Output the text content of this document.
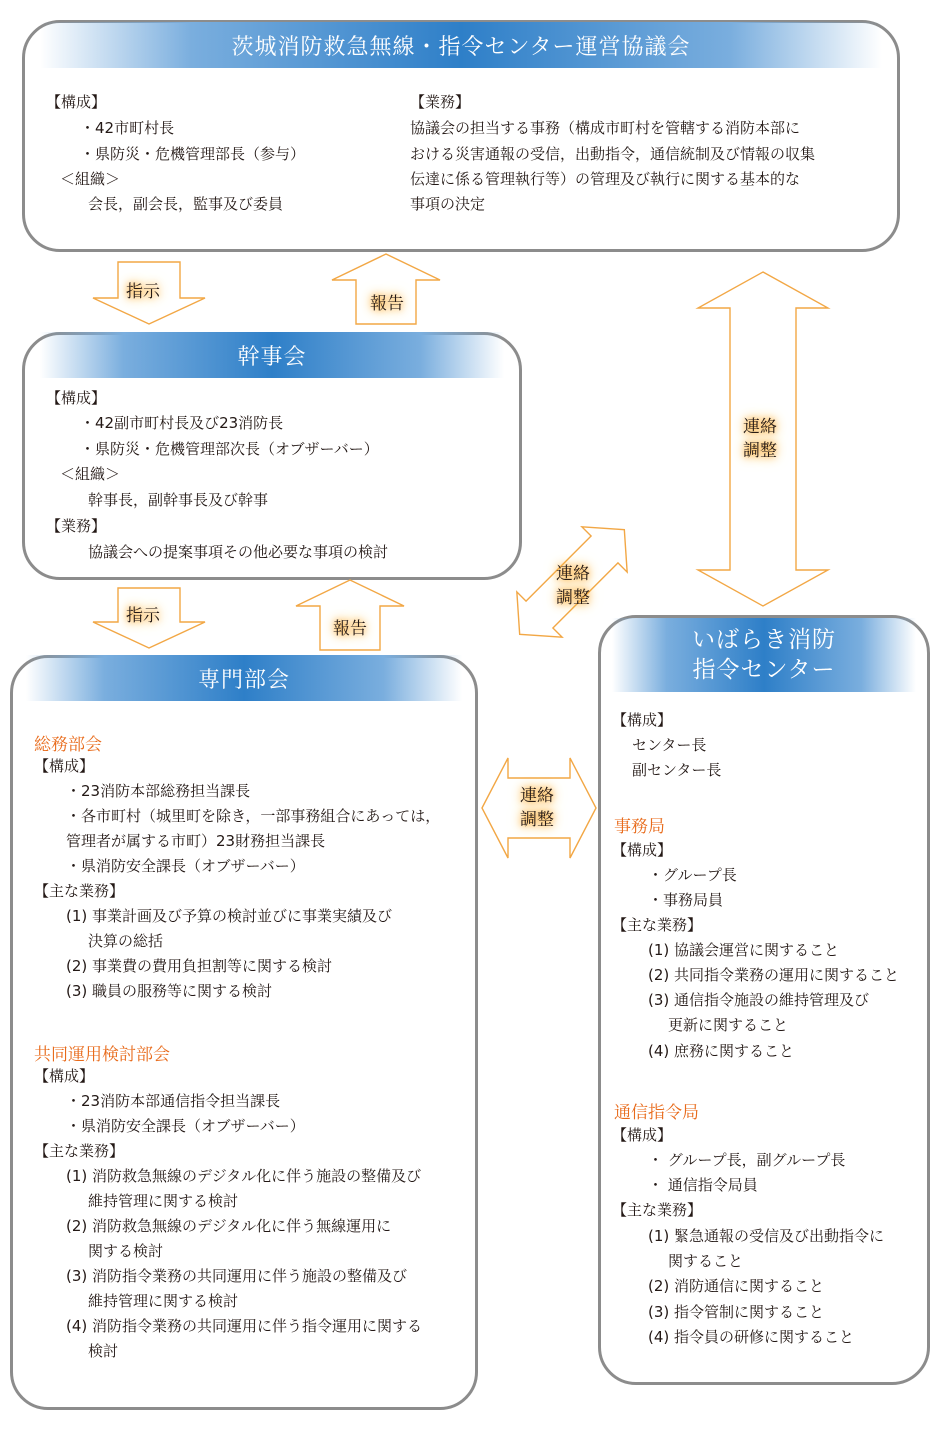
茨城消防救急無線・指令センター運営協議会
【構成】
・42市町村長
・県防災・危機管理部長（参与）
＜組織＞
会長，副会長，監事及び委員
【業務】
協議会の担当する事務（構成市町村を管轄する消防本部に
おける災害通報の受信，出動指令，通信統制及び情報の収集
伝達に係る管理執行等）の管理及び執行に関する基本的な
事項の決定
指示
報告
連絡
調整
幹事会
【構成】
・42副市町村長及び23消防長
・県防災・危機管理部次長（オブザーバー）
＜組織＞
幹事長，副幹事長及び幹事
【業務】
協議会への提案事項その他必要な事項の検討
連絡
調整
指示
報告
連絡
調整
専門部会
総務部会
【構成】
・23消防本部総務担当課長
・各市町村（城里町を除き，一部事務組合にあっては，
管理者が属する市町）23財務担当課長
・県消防安全課長（オブザーバー）
【主な業務】
(1) 事業計画及び予算の検討並びに事業実績及び
決算の総括
(2) 事業費の費用負担割等に関する検討
(3) 職員の服務等に関する検討
共同運用検討部会
【構成】
・23消防本部通信指令担当課長
・県消防安全課長（オブザーバー）
【主な業務】
(1) 消防救急無線のデジタル化に伴う施設の整備及び
維持管理に関する検討
(2) 消防救急無線のデジタル化に伴う無線運用に
関する検討
(3) 消防指令業務の共同運用に伴う施設の整備及び
維持管理に関する検討
(4) 消防指令業務の共同運用に伴う指令運用に関する
検討
いばらき消防
指令センター
【構成】
センター長
副センター長
事務局
【構成】
・グループ長
・事務局員
【主な業務】
(1) 協議会運営に関すること
(2) 共同指令業務の運用に関すること
(3) 通信指令施設の維持管理及び
更新に関すること
(4) 庶務に関すること
通信指令局
【構成】
・ グループ長，副グループ長
・ 通信指令局員
【主な業務】
(1) 緊急通報の受信及び出動指令に
関すること
(2) 消防通信に関すること
(3) 指令管制に関すること
(4) 指令員の研修に関すること
